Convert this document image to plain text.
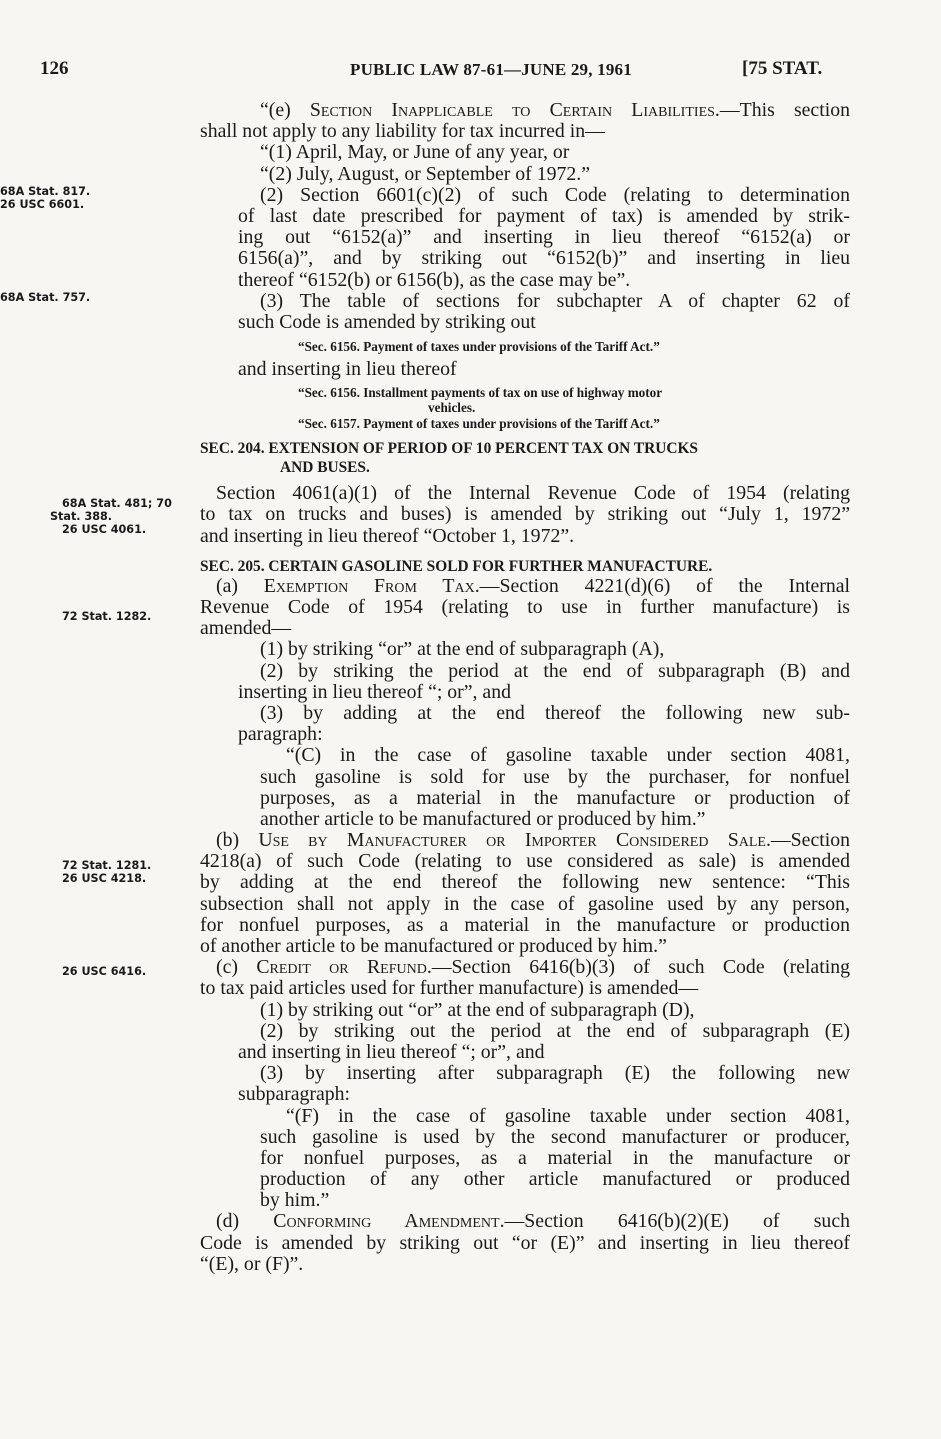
126	PUBLIC LAW 87-61—JUNE 29, 1961	[75 STAT.
68A Stat. 817.
26 USC 6601.
68A Stat. 757.
68A Stat. 481; 70
Stat. 388.
26 USC 4061.
72 Stat. 1282.
72 Stat. 1281.
26 USC 4218.
26 USC 6416.
“(e) Section Inapplicable to Certain Liabilities.—This section
shall not apply to any liability for tax incurred in—
“(1) April, May, or June of any year, or
“(2) July, August, or September of 1972.”
(2) Section 6601(c)(2) of such Code (relating to determination
of last date prescribed for payment of tax) is amended by strik-
ing out “6152(a)” and inserting in lieu thereof “6152(a) or
6156(a)”, and by striking out “6152(b)” and inserting in lieu
thereof “6152(b) or 6156(b), as the case may be”.
(3) The table of sections for subchapter A of chapter 62 of
such Code is amended by striking out
“Sec. 6156. Payment of taxes under provisions of the Tariff Act.”
and inserting in lieu thereof
“Sec. 6156. Installment payments of tax on use of highway motor
vehicles.
“Sec. 6157. Payment of taxes under provisions of the Tariff Act.”
SEC. 204. EXTENSION OF PERIOD OF 10 PERCENT TAX ON TRUCKS
AND BUSES.
Section 4061(a)(1) of the Internal Revenue Code of 1954 (relating
to tax on trucks and buses) is amended by striking out “July 1, 1972”
and inserting in lieu thereof “October 1, 1972”.
SEC. 205. CERTAIN GASOLINE SOLD FOR FURTHER MANUFACTURE.
(a) Exemption From Tax.—Section 4221(d)(6) of the Internal
Revenue Code of 1954 (relating to use in further manufacture) is
amended—
(1) by striking “or” at the end of subparagraph (A),
(2) by striking the period at the end of subparagraph (B) and
inserting in lieu thereof “; or”, and
(3) by adding at the end thereof the following new sub-
paragraph:
“(C) in the case of gasoline taxable under section 4081,
such gasoline is sold for use by the purchaser, for nonfuel
purposes, as a material in the manufacture or production of
another article to be manufactured or produced by him.”
(b) Use by Manufacturer or Importer Considered Sale.—Section
4218(a) of such Code (relating to use considered as sale) is amended
by adding at the end thereof the following new sentence: “This
subsection shall not apply in the case of gasoline used by any person,
for nonfuel purposes, as a material in the manufacture or production
of another article to be manufactured or produced by him.”
(c) Credit or Refund.—Section 6416(b)(3) of such Code (relating
to tax paid articles used for further manufacture) is amended—
(1) by striking out “or” at the end of subparagraph (D),
(2) by striking out the period at the end of subparagraph (E)
and inserting in lieu thereof “; or”, and
(3) by inserting after subparagraph (E) the following new
subparagraph:
“(F) in the case of gasoline taxable under section 4081,
such gasoline is used by the second manufacturer or producer,
for nonfuel purposes, as a material in the manufacture or
production of any other article manufactured or produced
by him.”
(d) Conforming Amendment.—Section 6416(b)(2)(E) of such
Code is amended by striking out “or (E)” and inserting in lieu thereof
“(E), or (F)”.
